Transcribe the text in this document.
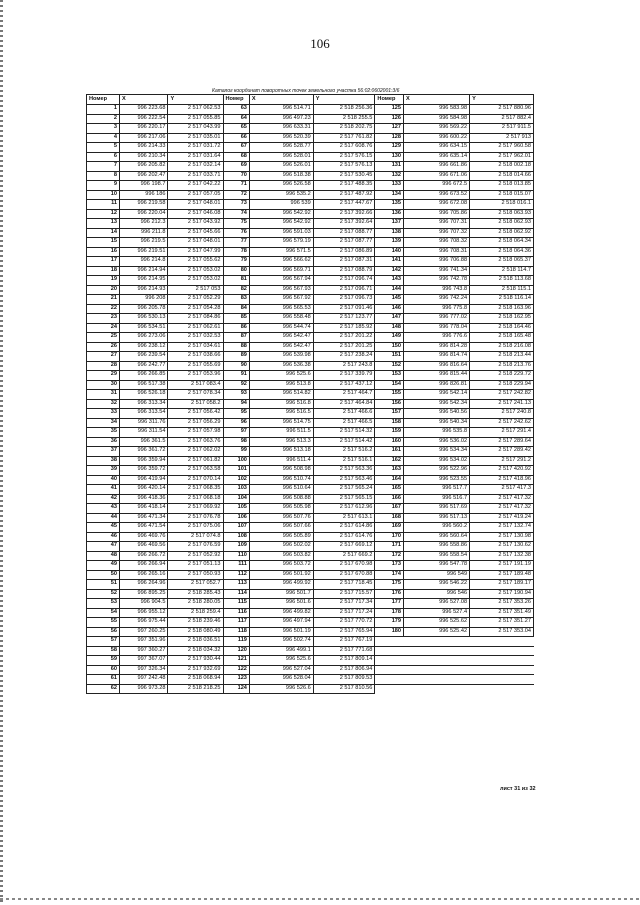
106
Каталог координат поворотных точек земельного участка 56:02:0602001:3/6
Номер	X	Y	Номер	X	Y	Номер	X	Y
1	996 223.68	2 517 062.53	63	996 514.71	2 518 256.36	125	996 583.98	2 517 880.96
2	996 222.54	2 517 055.85	64	996 497.23	2 518 255.5	126	996 584.98	2 517 882.4
3	996 220.17	2 517 043.99	65	996 633.31	2 518 202.75	127	996 569.22	2 517 911.5
4	996 217.06	2 517 035.01	66	996 520.39	2 517 761.82	128	996 600.22	2 517 913
5	996 214.33	2 517 031.72	67	996 528.77	2 517 608.76	129	996 634.15	2 517 960.58
6	996 210.34	2 517 031.64	68	996 528.01	2 517 576.15	130	996 635.14	2 517 962.01
7	996 205.82	2 517 032.14	69	996 526.01	2 517 576.13	131	996 661.86	2 518 002.18
8	996 202.47	2 517 033.71	70	996 518.38	2 517 530.45	132	996 671.06	2 518 014.66
9	996 198.7	2 517 042.22	71	996 526.58	2 517 488.35	133	996 672.5	2 518 013.85
10	996 186	2 517 057.05	72	996 535.2	2 517 487.92	134	996 673.52	2 518 015.07
11	996 219.58	2 517 048.01	73	996 539	2 517 447.67	135	996 672.08	2 518 016.1
12	996 220.04	2 517 046.08	74	996 542.92	2 517 392.66	136	996 705.86	2 518 063.93
13	996 212.3	2 517 043.92	75	996 542.92	2 517 392.64	137	996 707.31	2 518 062.93
14	996 211.8	2 517 045.66	76	996 591.03	2 517 088.77	138	996 707.32	2 518 062.92
15	996 219.5	2 517 048.01	77	996 579.19	2 517 087.77	139	996 708.32	2 518 064.34
16	996 219.51	2 517 047.99	78	996 571.5	2 517 086.89	140	996 708.31	2 518 064.36
17	996 214.8	2 517 055.62	79	996 566.62	2 517 087.31	141	996 706.88	2 518 065.37
18	996 214.94	2 517 053.02	80	996 569.71	2 517 088.79	142	996 741.34	2 518 114.7
19	996 214.95	2 517 053.02	81	996 567.94	2 517 096.74	143	996 742.78	2 518 113.68
20	996 214.93	2 517 053	82	996 567.93	2 517 096.71	144	996 743.8	2 518 115.1
21	996 208	2 517 052.29	83	996 567.92	2 517 096.73	145	996 742.24	2 518 116.14
22	996 205.78	2 517 054.28	84	996 565.53	2 517 091.46	146	996 775.8	2 518 163.96
23	996 530.13	2 517 084.86	85	996 558.48	2 517 123.77	147	996 777.02	2 518 162.95
24	996 534.51	2 517 062.61	86	996 544.74	2 517 185.92	148	996 778.04	2 518 164.46
25	996 273.06	2 517 032.53	87	996 542.47	2 517 201.22	149	996 776.6	2 518 165.48
26	996 238.12	2 517 034.61	88	996 542.47	2 517 201.25	150	996 814.28	2 518 216.08
27	996 239.54	2 517 038.66	89	996 539.98	2 517 238.24	151	996 814.74	2 518 213.44
28	996 242.77	2 517 055.69	90	996 536.38	2 517 243.8	152	996 816.64	2 518 213.76
29	996 266.85	2 517 053.96	91	996 525.6	2 517 339.79	153	996 815.44	2 518 229.72
30	996 517.38	2 517 083.4	92	996 513.8	2 517 437.12	154	996 826.81	2 518 229.94
31	996 526.18	2 517 078.34	93	996 514.82	2 517 464.7	155	996 542.14	2 517 242.82
32	996 313.34	2 517 058.2	94	996 516.8	2 517 464.84	156	996 542.34	2 517 241.13
33	996 313.54	2 517 056.42	95	996 516.5	2 517 466.6	157	996 540.56	2 517 240.8
34	996 311.76	2 517 056.29	96	996 514.75	2 517 466.5	158	996 540.34	2 517 242.62
35	996 311.54	2 517 057.98	97	996 511.5	2 517 514.32	159	996 535.8	2 517 291.4
36	996 361.5	2 517 063.76	98	996 513.3	2 517 514.42	160	996 536.02	2 517 289.64
37	996 361.72	2 517 062.02	99	996 513.18	2 517 516.2	161	996 534.34	2 517 289.42
38	996 359.94	2 517 061.82	100	996 511.4	2 517 516.1	162	996 534.02	2 517 291.2
39	996 359.72	2 517 063.58	101	996 508.98	2 517 563.36	163	996 522.96	2 517 420.92
40	996 419.94	2 517 070.14	102	996 510.74	2 517 563.46	164	996 523.55	2 517 418.96
41	996 420.14	2 517 068.35	103	996 510.64	2 517 565.24	165	996 517.7	2 517 417.3
42	996 418.36	2 517 068.18	104	996 508.88	2 517 565.15	166	996 516.7	2 517 417.32
43	996 418.14	2 517 069.92	105	996 505.98	2 517 612.96	167	996 517.69	2 517 417.32
44	996 471.34	2 517 076.78	106	996 507.76	2 517 613.1	168	996 517.13	2 517 419.24
45	996 471.54	2 517 075.06	107	996 507.66	2 517 614.86	169	996 560.2	2 517 132.74
46	996 469.76	2 517 074.8	108	996 505.89	2 517 614.76	170	996 560.64	2 517 130.98
47	996 469.56	2 517 076.59	109	996 502.02	2 517 669.12	171	996 558.86	2 517 130.62
48	996 266.72	2 517 052.92	110	996 503.82	2 517 669.2	172	996 558.54	2 517 132.38
49	996 266.94	2 517 051.13	111	996 503.72	2 517 670.98	173	996 547.78	2 517 191.19
50	996 265.16	2 517 050.93	112	996 501.92	2 517 670.88	174	996 549	2 517 189.48
51	996 264.96	2 517 052.7	113	996 499.92	2 517 718.45	175	996 546.22	2 517 189.17
52	996 895.25	2 518 285.43	114	996 501.7	2 517 715.57	176	996 546	2 517 190.94
53	996 904.5	2 518 280.05	115	996 501.6	2 517 717.34	177	996 527.08	2 517 353.26
54	996 955.12	2 518 259.4	116	996 499.82	2 517 717.24	178	996 527.4	2 517 351.49
55	996 975.44	2 518 239.46	117	996 497.94	2 517 770.72	179	996 525.62	2 517 351.27
56	997 260.25	2 518 080.49	118	996 501.19	2 517 765.94	180	996 525.42	2 517 353.04
57	997 351.96	2 518 036.51	119	996 502.74	2 517 767.19			
58	997 360.27	2 518 034.32	120	996 499.1	2 517 771.68			
59	997 367.07	2 517 930.44	121	996 525.6	2 517 809.14			
60	997 326.34	2 517 932.69	122	996 527.04	2 517 806.94			
61	997 242.48	2 518 068.94	123	996 528.04	2 517 809.53			
62	996 973.28	2 518 218.25	124	996 526.6	2 517 810.56			
лист 31 из 32
